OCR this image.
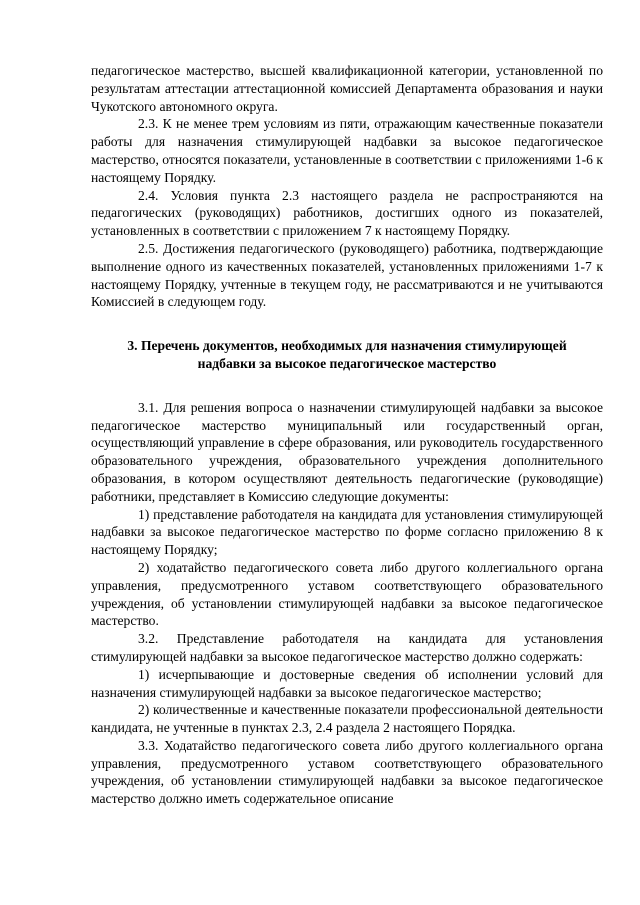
педагогическое мастерство, высшей квалификационной категории, установленной по результатам аттестации аттестационной комиссией Департамента образования и науки Чукотского автономного округа.

2.3. К не менее трем условиям из пяти, отражающим качественные показатели работы для назначения стимулирующей надбавки за высокое педагогическое мастерство, относятся показатели, установленные в соответствии с приложениями 1-6 к настоящему Порядку.

2.4. Условия пункта 2.3 настоящего раздела не распространяются на педагогических (руководящих) работников, достигших одного из показателей, установленных в соответствии с приложением 7 к настоящему Порядку.

2.5. Достижения педагогического (руководящего) работника, подтверждающие выполнение одного из качественных показателей, установленных приложениями 1-7 к настоящему Порядку, учтенные в текущем году, не рассматриваются и не учитываются Комиссией в следующем году.

3. Перечень документов, необходимых для назначения стимулирующей надбавки за высокое педагогическое мастерство

3.1. Для решения вопроса о назначении стимулирующей надбавки за высокое педагогическое мастерство муниципальный или государственный орган, осуществляющий управление в сфере образования, или руководитель государственного образовательного учреждения, образовательного учреждения дополнительного образования, в котором осуществляют деятельность педагогические (руководящие) работники, представляет в Комиссию следующие документы:

1) представление работодателя на кандидата для установления стимулирующей надбавки за высокое педагогическое мастерство по форме согласно приложению 8 к настоящему Порядку;

2) ходатайство педагогического совета либо другого коллегиального органа управления, предусмотренного уставом соответствующего образовательного учреждения, об установлении стимулирующей надбавки за высокое педагогическое мастерство.

3.2. Представление работодателя на кандидата для установления стимулирующей надбавки за высокое педагогическое мастерство должно содержать:

1) исчерпывающие и достоверные сведения об исполнении условий для назначения стимулирующей надбавки за высокое педагогическое мастерство;

2) количественные и качественные показатели профессиональной деятельности кандидата, не учтенные в пунктах 2.3, 2.4 раздела 2 настоящего Порядка.

3.3. Ходатайство педагогического совета либо другого коллегиального органа управления, предусмотренного уставом соответствующего образовательного учреждения, об установлении стимулирующей надбавки за высокое педагогическое мастерство должно иметь содержательное описание
